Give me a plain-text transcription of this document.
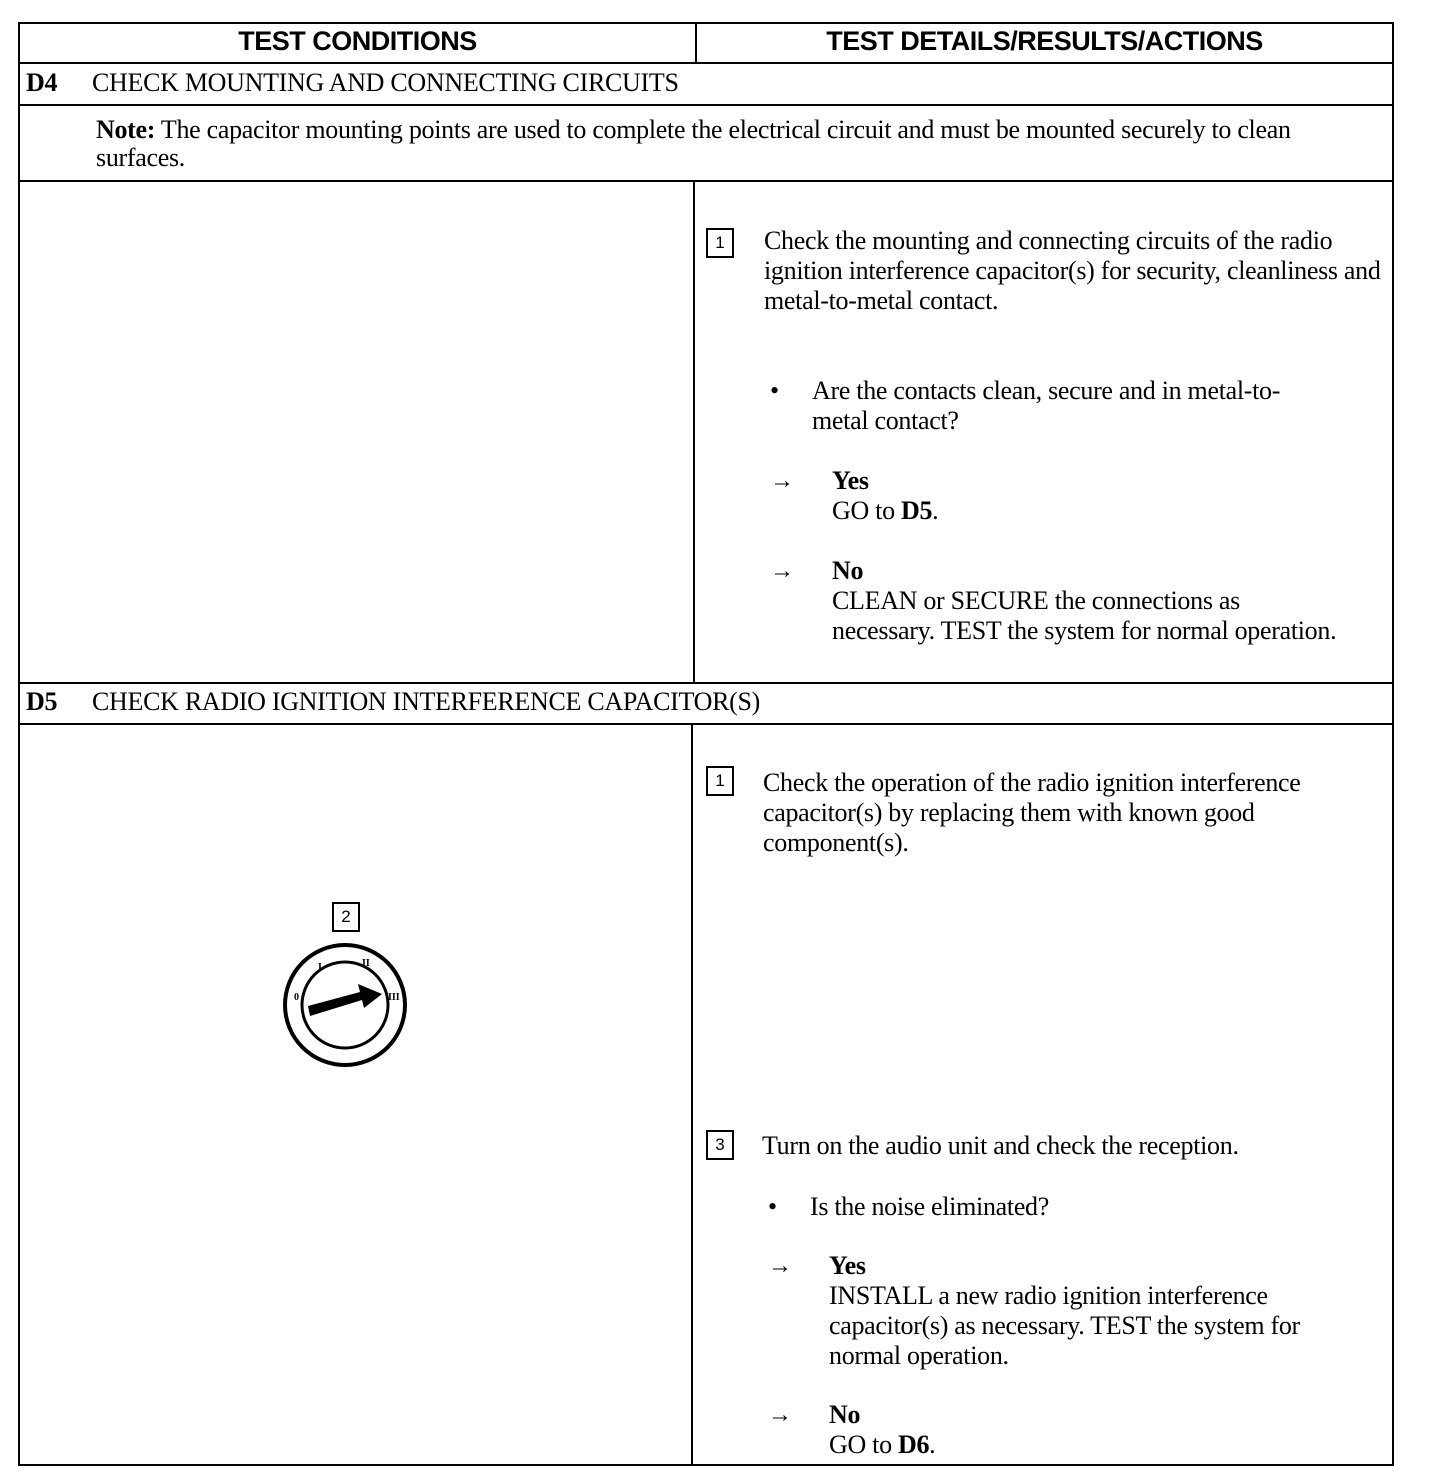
TEST CONDITIONS	TEST DETAILS/RESULTS/ACTIONS
D4 CHECK MOUNTING AND CONNECTING CIRCUITS
Note: The capacitor mounting points are used to complete the electrical circuit and must be mounted securely to clean surfaces.
1	Check the mounting and connecting circuits of the radio ignition interference capacitor(s) for security, cleanliness and metal-to-metal contact.
• Are the contacts clean, secure and in metal-to-metal contact?
→ Yes
GO to D5.
→ No
CLEAN or SECURE the connections as necessary. TEST the system for normal operation.
D5 CHECK RADIO IGNITION INTERFERENCE CAPACITOR(S)
1	Check the operation of the radio ignition interference capacitor(s) by replacing them with known good component(s).
2
0
I	II
III
3	Turn on the audio unit and check the reception.
• Is the noise eliminated?
→ Yes
INSTALL a new radio ignition interference capacitor(s) as necessary. TEST the system for normal operation.
→ No
GO to D6.
